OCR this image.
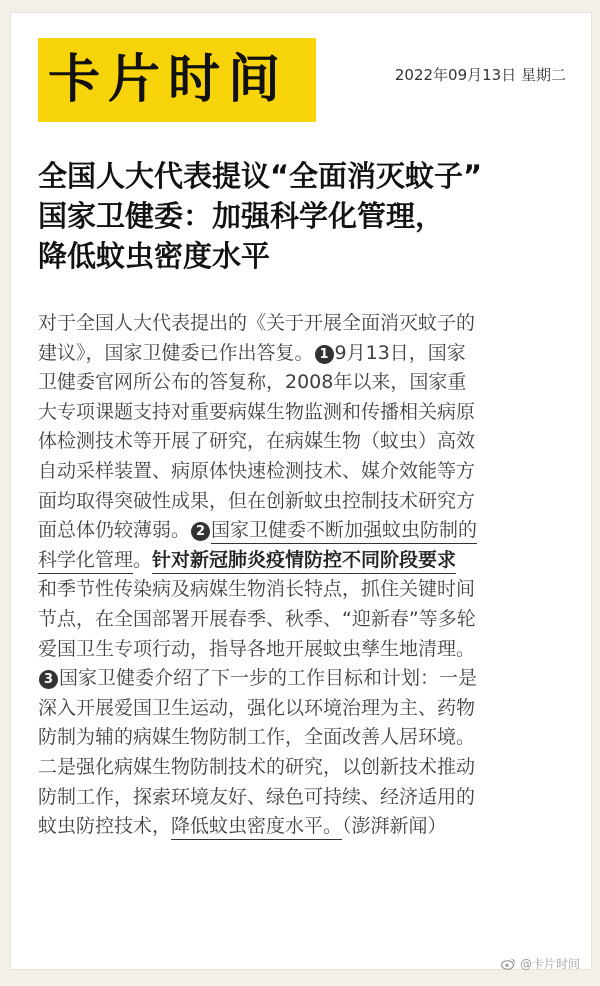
卡片时间	2022年09月13日 星期二
全国人大代表提议“全面消灭蚊子”
国家卫健委：加强科学化管理，
降低蚊虫密度水平
对于全国人大代表提出的《关于开展全面消灭蚊子的
建议》，国家卫健委已作出答复。 1 9月13日，国家
卫健委官网所公布的答复称，2008年以来，国家重
大专项课题支持对重要病媒生物监测和传播相关病原
体检测技术等开展了研究，在病媒生物（蚊虫）高效
自动采样装置、病原体快速检测技术、媒介效能等方
面均取得突破性成果，但在创新蚊虫控制技术研究方
面总体仍较薄弱。 2 国家卫健委不断加强蚊虫防制的
科学化管理。针对新冠肺炎疫情防控不同阶段要求
和季节性传染病及病媒生物消长特点，抓住关键时间
节点，在全国部署开展春季、秋季、“迎新春”等多轮
爱国卫生专项行动，指导各地开展蚊虫孳生地清理。
3 国家卫健委介绍了下一步的工作目标和计划：一是
深入开展爱国卫生运动，强化以环境治理为主、药物
防制为辅的病媒生物防制工作，全面改善人居环境。
二是强化病媒生物防制技术的研究，以创新技术推动
防制工作，探索环境友好、绿色可持续、经济适用的
蚊虫防控技术，降低蚊虫密度水平。（澎湃新闻）
@卡片时间
